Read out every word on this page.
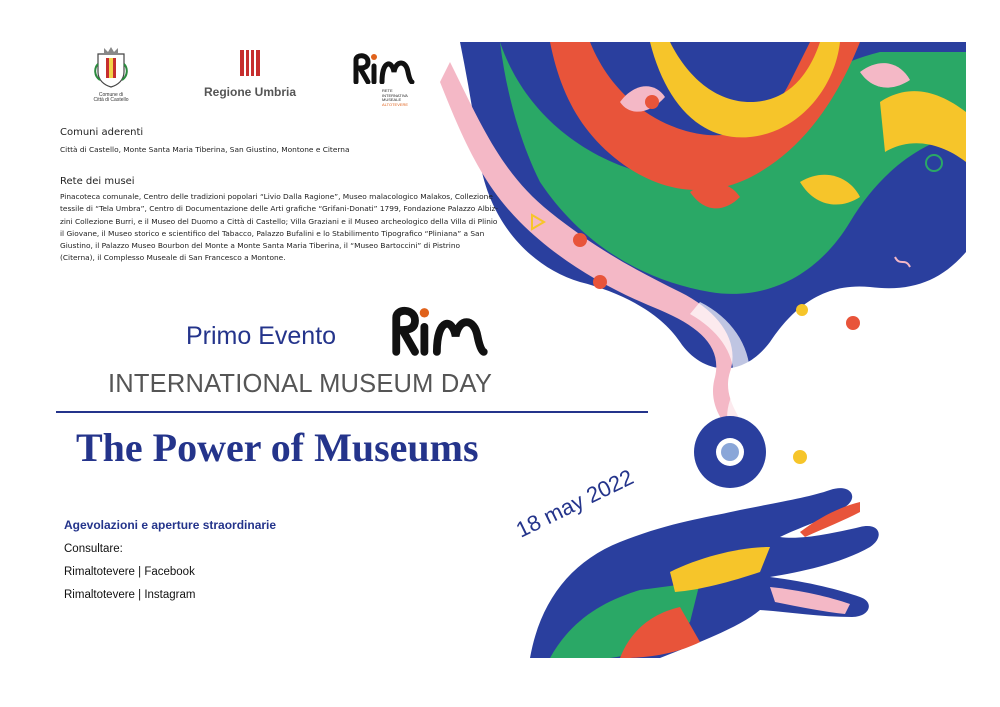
Comune di
Città di Castello
Regione Umbria	RETE
INTERNATIVA
MUSEALE
ALTOTEVERE
Comuni aderenti
Città di Castello, Monte Santa Maria Tiberina, San Giustino, Montone e Citerna
Rete dei musei
Pinacoteca comunale, Centro delle tradizioni popolari “Livio Dalla Ragione”, Museo malacologico Malakos, Collezione
tessile di “Tela Umbra”, Centro di Documentazione delle Arti grafiche “Grifani-Donati” 1799, Fondazione Palazzo Albiz-
zini Collezione Burri, e il Museo del Duomo a Città di Castello; Villa Graziani e il Museo archeologico della Villa di Plinio
il Giovane, il Museo storico e scientifico del Tabacco, Palazzo Bufalini e lo Stabilimento Tipografico “Pliniana” a San
Giustino, il Palazzo Museo Bourbon del Monte a Monte Santa Maria Tiberina, il “Museo Bartoccini” di Pistrino
(Citerna), il Complesso Museale di San Francesco a Montone.
Primo Evento
INTERNATIONAL MUSEUM DAY
The Power of Museums
18 may 2022
Agevolazioni e aperture straordinarie
Consultare:
Rimaltotevere | Facebook
Rimaltotevere | Instagram
